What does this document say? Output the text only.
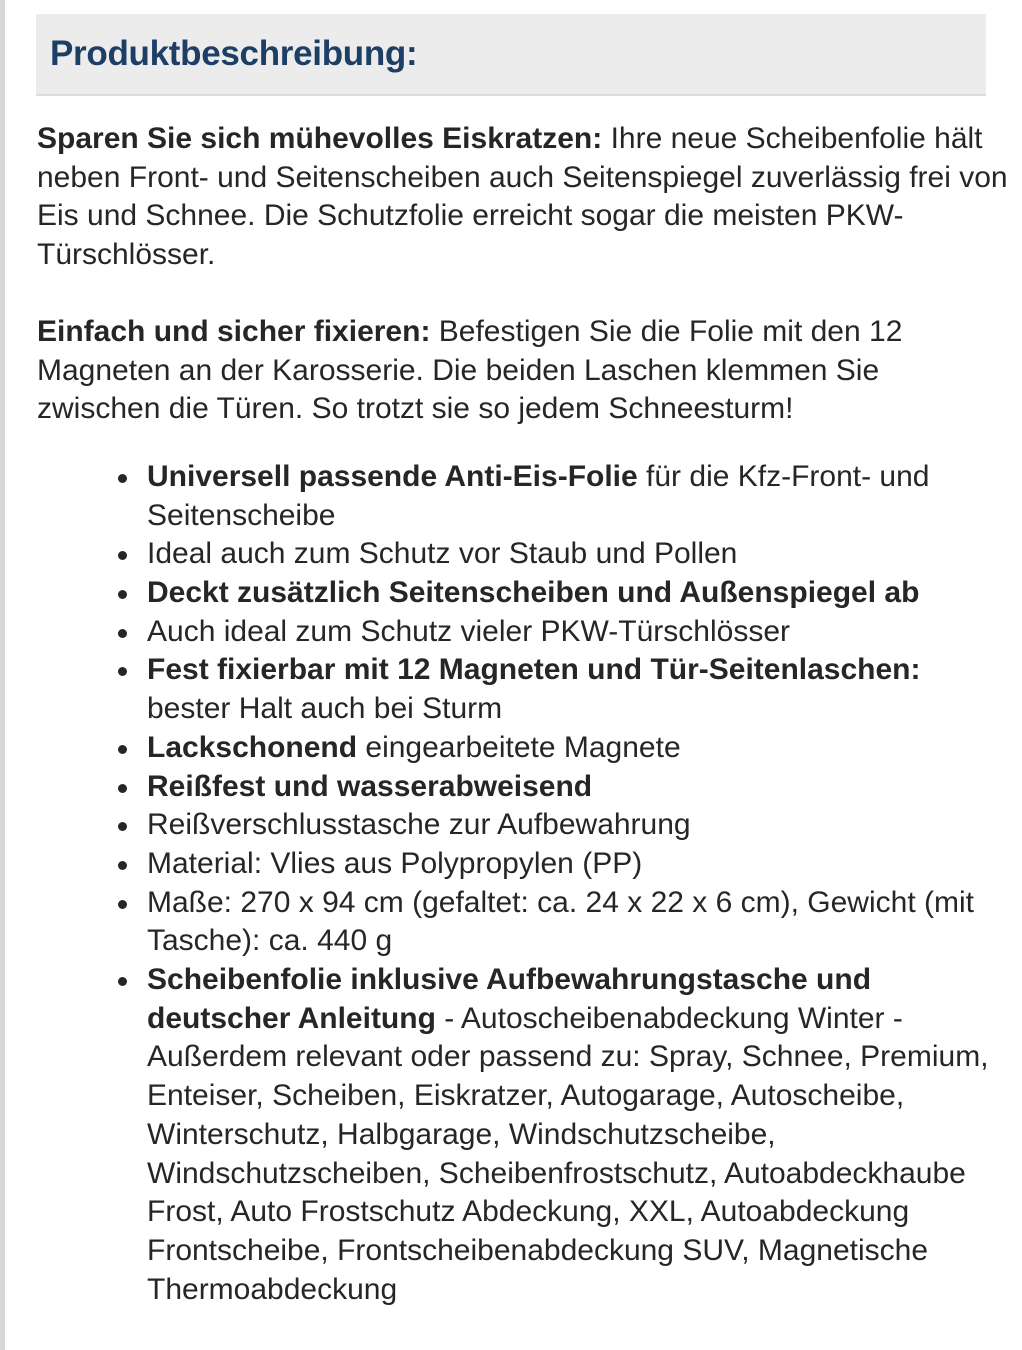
Produktbeschreibung:

Sparen Sie sich mühevolles Eiskratzen: Ihre neue Scheibenfolie hält neben Front- und Seitenscheiben auch Seitenspiegel zuverlässig frei von Eis und Schnee. Die Schutzfolie erreicht sogar die meisten PKW-Türschlösser.

Einfach und sicher fixieren: Befestigen Sie die Folie mit den 12 Magneten an der Karosserie. Die beiden Laschen klemmen Sie zwischen die Türen. So trotzt sie so jedem Schneesturm!

Universell passende Anti-Eis-Folie für die Kfz-Front- und Seitenscheibe
Ideal auch zum Schutz vor Staub und Pollen
Deckt zusätzlich Seitenscheiben und Außenspiegel ab
Auch ideal zum Schutz vieler PKW-Türschlösser
Fest fixierbar mit 12 Magneten und Tür-Seitenlaschen: bester Halt auch bei Sturm
Lackschonend eingearbeitete Magnete
Reißfest und wasserabweisend
Reißverschlusstasche zur Aufbewahrung
Material: Vlies aus Polypropylen (PP)
Maße: 270 x 94 cm (gefaltet: ca. 24 x 22 x 6 cm), Gewicht (mit Tasche): ca. 440 g
Scheibenfolie inklusive Aufbewahrungstasche und deutscher Anleitung - Autoscheibenabdeckung Winter - Außerdem relevant oder passend zu: Spray, Schnee, Premium, Enteiser, Scheiben, Eiskratzer, Autogarage, Autoscheibe, Winterschutz, Halbgarage, Windschutzscheibe, Windschutzscheiben, Scheibenfrostschutz, Autoabdeckhaube Frost, Auto Frostschutz Abdeckung, XXL, Autoabdeckung Frontscheibe, Frontscheibenabdeckung SUV, Magnetische Thermoabdeckung
